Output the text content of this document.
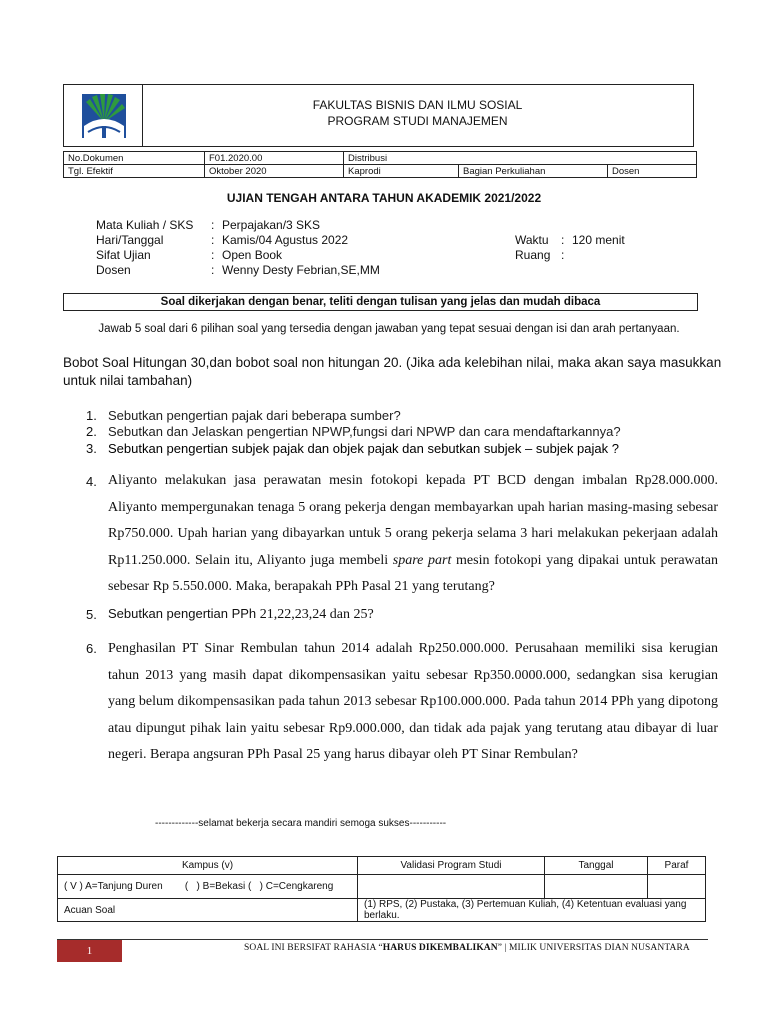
FAKULTAS BISNIS DAN ILMU SOSIAL
PROGRAM STUDI MANAJEMEN
No.Dokumen	F01.2020.00	Distribusi		
Tgl. Efektif	Oktober 2020	Kaprodi	Bagian Perkuliahan	Dosen
UJIAN TENGAH ANTARA TAHUN AKADEMIK 2021/2022
Mata Kuliah / SKS : Perpajakan/3 SKS
Hari/Tanggal	: Kamis/04 Agustus 2022
Sifat Ujian	: Open Book
Dosen	: Wenny Desty Febrian,SE,MM
Waktu : 120 menit
Ruang :
Soal dikerjakan dengan benar, teliti dengan tulisan yang jelas dan mudah dibaca
Jawab 5 soal dari 6 pilihan soal yang tersedia dengan jawaban yang tepat sesuai dengan isi dan arah pertanyaan.
Bobot Soal Hitungan 30,dan bobot soal non hitungan 20. (Jika ada kelebihan nilai, maka akan saya masukkan untuk nilai tambahan)
1. Sebutkan pengertian pajak dari beberapa sumber?
2. Sebutkan dan Jelaskan pengertian NPWP,fungsi dari NPWP dan cara mendaftarkannya?
3. Sebutkan pengertian subjek pajak dan objek pajak dan sebutkan subjek – subjek pajak ?
4. Aliyanto melakukan jasa perawatan mesin fotokopi kepada PT BCD dengan imbalan Rp28.000.000. Aliyanto mempergunakan tenaga 5 orang pekerja dengan membayarkan upah harian masing-masing sebesar Rp750.000. Upah harian yang dibayarkan untuk 5 orang pekerja selama 3 hari melakukan pekerjaan adalah Rp11.250.000. Selain itu, Aliyanto juga membeli spare part mesin fotokopi yang dipakai untuk perawatan sebesar Rp 5.550.000. Maka, berapakah PPh Pasal 21 yang terutang?
5. Sebutkan pengertian PPh 21,22,23,24 dan 25?
6. Penghasilan PT Sinar Rembulan tahun 2014 adalah Rp250.000.000. Perusahaan memiliki sisa kerugian tahun 2013 yang masih dapat dikompensasikan yaitu sebesar Rp350.0000.000, sedangkan sisa kerugian yang belum dikompensasikan pada tahun 2013 sebesar Rp100.000.000. Pada tahun 2014 PPh yang dipotong atau dipungut pihak lain yaitu sebesar Rp9.000.000, dan tidak ada pajak yang terutang atau dibayar di luar negeri. Berapa angsuran PPh Pasal 25 yang harus dibayar oleh PT Sinar Rembulan?
-------------selamat bekerja secara mandiri semoga sukses-----------
Kampus (v)	Validasi Program Studi	Tanggal	Paraf
( V ) A=Tanjung Duren        (   ) B=Bekasi (   ) C=Cengkareng			
Acuan Soal	(1) RPS, (2) Pustaka, (3) Pertemuan Kuliah, (4) Ketentuan evaluasi yang berlaku.		
1	SOAL INI BERSIFAT RAHASIA “HARUS DIKEMBALIKAN” | MILIK UNIVERSITAS DIAN NUSANTARA
